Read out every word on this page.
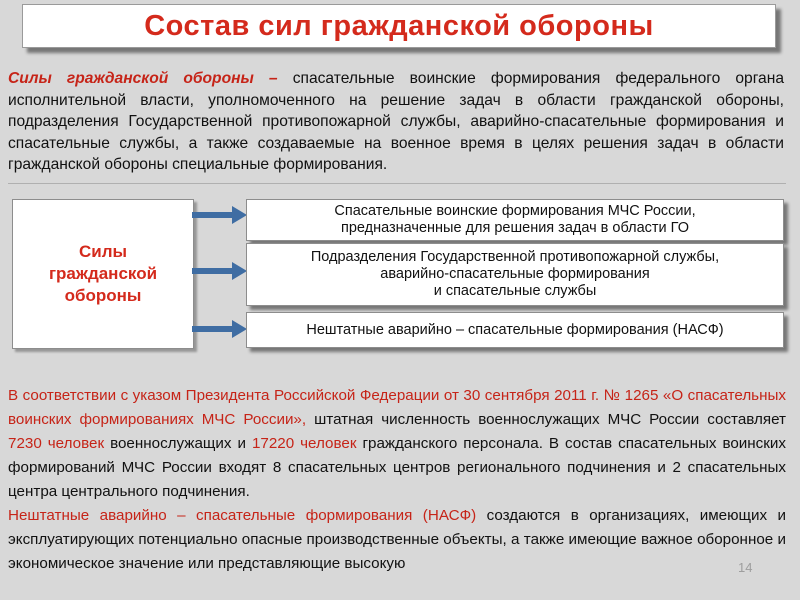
Состав сил гражданской обороны
Силы гражданской обороны – спасательные воинские формирования федерального органа исполнительной власти, уполномоченного на решение задач в области гражданской обороны, подразделения Государственной противопожарной службы, аварийно-спасательные формирования и спасательные службы, а также создаваемые на военное время в целях решения задач в области гражданской обороны специальные формирования.
Силы
гражданской
обороны
Спасательные воинские формирования МЧС России,
предназначенные для решения задач в области ГО
Подразделения Государственной противопожарной службы,
аварийно-спасательные формирования
и спасательные службы
Нештатные аварийно – спасательные формирования (НАСФ)
В соответствии с указом Президента Российской Федерации от 30 сентября 2011 г. № 1265 «О спасательных воинских формированиях МЧС России», штатная численность военнослужащих МЧС России составляет 7230 человек военнослужащих и 17220 человек гражданского персонала. В состав спасательных воинских формирований МЧС России входят 8 спасательных центров регионального подчинения и 2 спасательных центра центрального подчинения.
Нештатные аварийно – спасательные формирования (НАСФ) создаются в организациях, имеющих и эксплуатирующих потенциально опасные производственные объекты, а также имеющие важное оборонное и экономическое значение или представляющие высокую	14
